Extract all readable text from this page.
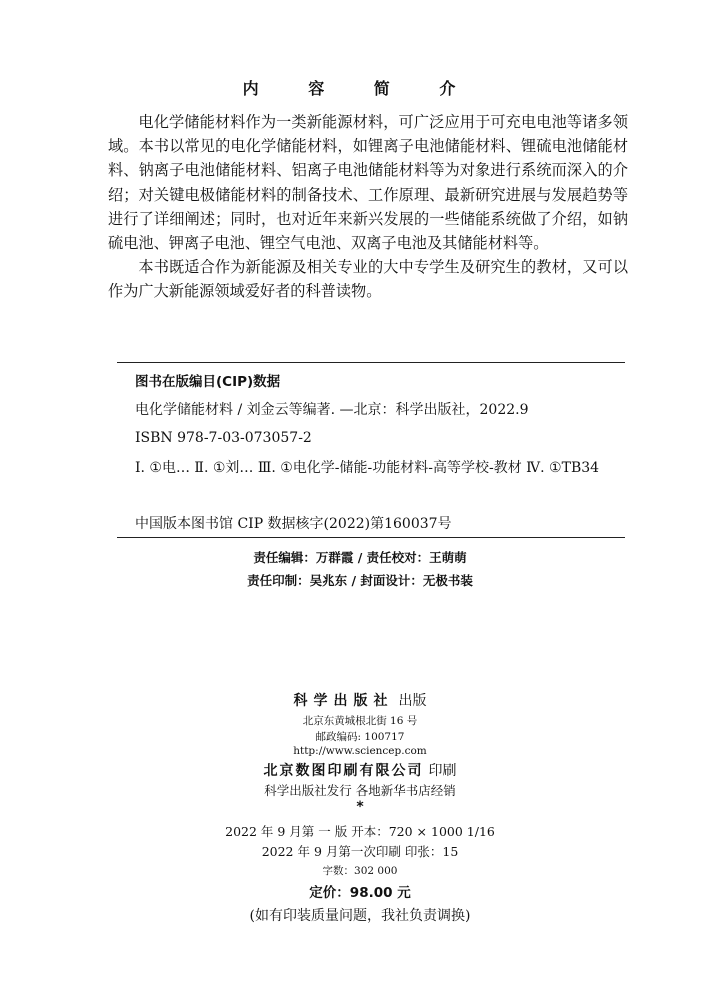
内 容 简 介

电化学储能材料作为一类新能源材料，可广泛应用于可充电电池等诸多领域。本书以常见的电化学储能材料，如锂离子电池储能材料、锂硫电池储能材料、钠离子电池储能材料、铝离子电池储能材料等为对象进行系统而深入的介绍；对关键电极储能材料的制备技术、工作原理、最新研究进展与发展趋势等进行了详细阐述；同时，也对近年来新兴发展的一些储能系统做了介绍，如钠硫电池、钾离子电池、锂空气电池、双离子电池及其储能材料等。

本书既适合作为新能源及相关专业的大中专学生及研究生的教材，又可以作为广大新能源领域爱好者的科普读物。

图书在版编目(CIP)数据
电化学储能材料 / 刘金云等编著. —北京：科学出版社，2022.9
ISBN 978-7-03-073057-2
Ⅰ. ①电… Ⅱ. ①刘… Ⅲ. ①电化学-储能-功能材料-高等学校-教材 Ⅳ. ①TB34
中国版本图书馆 CIP 数据核字(2022)第160037号
责任编辑：万群霞 / 责任校对：王萌萌
责任印制：吴兆东 / 封面设计：无极书装
科学出版社 出版
北京东黄城根北街 16 号
邮政编码: 100717
http://www.sciencep.com
北京数图印刷有限公司 印刷
科学出版社发行 各地新华书店经销
*
2022 年 9 月第 一 版 开本：720 × 1000 1/16
2022 年 9 月第一次印刷 印张：15
字数：302 000
定价：98.00 元
(如有印装质量问题，我社负责调换)
